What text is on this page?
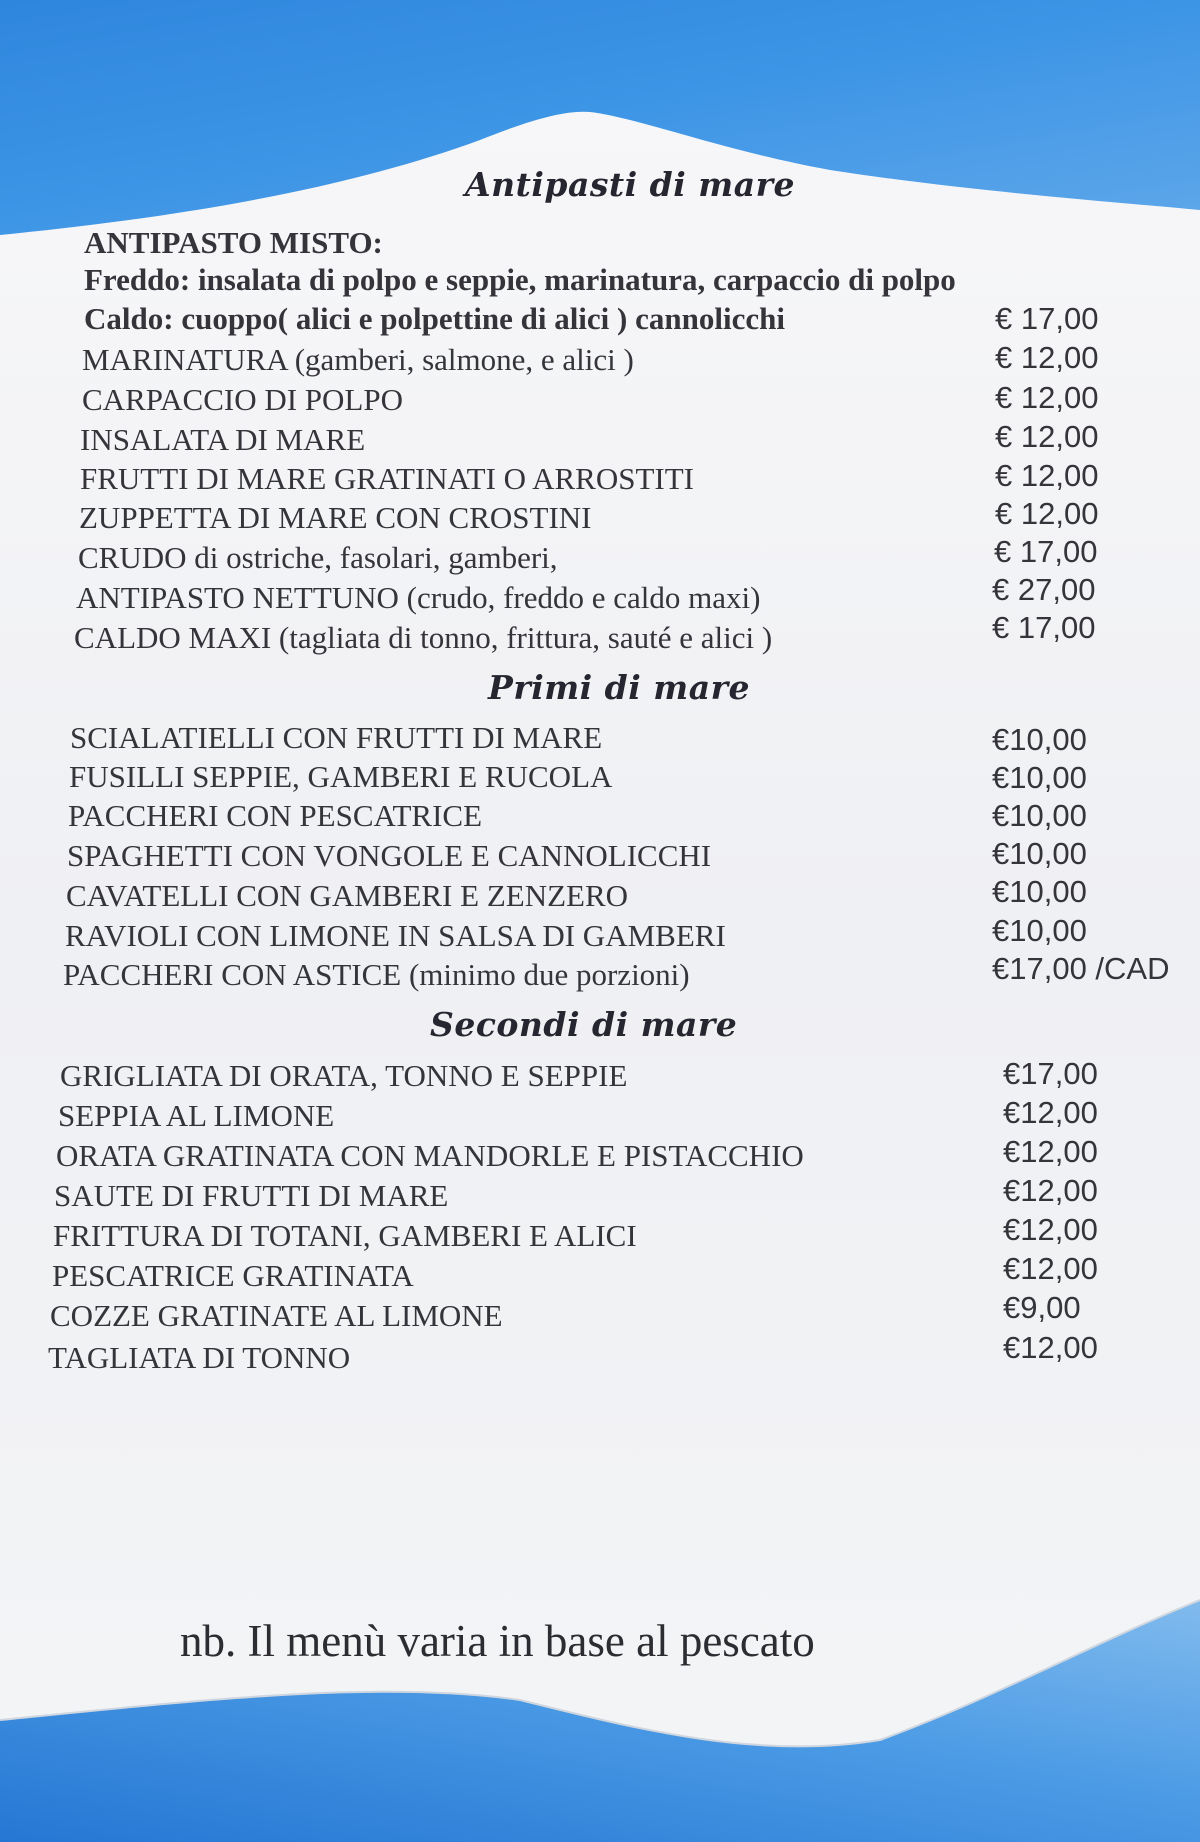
Antipasti di mare
ANTIPASTO MISTO:
Freddo: insalata di polpo e seppie, marinatura, carpaccio di polpo
Caldo: cuoppo( alici e polpettine di alici ) cannolicchi	€ 17,00
MARINATURA (gamberi, salmone, e alici )	€ 12,00
CARPACCIO DI POLPO	€ 12,00
INSALATA DI MARE	€ 12,00
FRUTTI DI MARE GRATINATI O ARROSTITI	€ 12,00
ZUPPETTA DI MARE CON CROSTINI	€ 12,00
CRUDO di ostriche, fasolari, gamberi,	€ 17,00
ANTIPASTO NETTUNO (crudo, freddo e caldo maxi)	€ 27,00
CALDO MAXI (tagliata di tonno, frittura, sauté e alici )	€ 17,00
Primi di mare
SCIALATIELLI CON FRUTTI DI MARE	€10,00
FUSILLI SEPPIE, GAMBERI E RUCOLA	€10,00
PACCHERI CON PESCATRICE	€10,00
SPAGHETTI CON VONGOLE E CANNOLICCHI	€10,00
CAVATELLI CON GAMBERI E ZENZERO	€10,00
RAVIOLI CON LIMONE IN SALSA DI GAMBERI	€10,00
PACCHERI CON ASTICE (minimo due porzioni)	€17,00 /CAD
Secondi di mare
GRIGLIATA DI ORATA, TONNO E SEPPIE	€17,00
SEPPIA AL LIMONE	€12,00
ORATA GRATINATA CON MANDORLE E PISTACCHIO	€12,00
SAUTE DI FRUTTI DI MARE	€12,00
FRITTURA DI TOTANI, GAMBERI E ALICI	€12,00
PESCATRICE GRATINATA	€12,00
COZZE GRATINATE AL LIMONE	€9,00
TAGLIATA DI TONNO	€12,00
nb. Il menù varia in base al pescato
